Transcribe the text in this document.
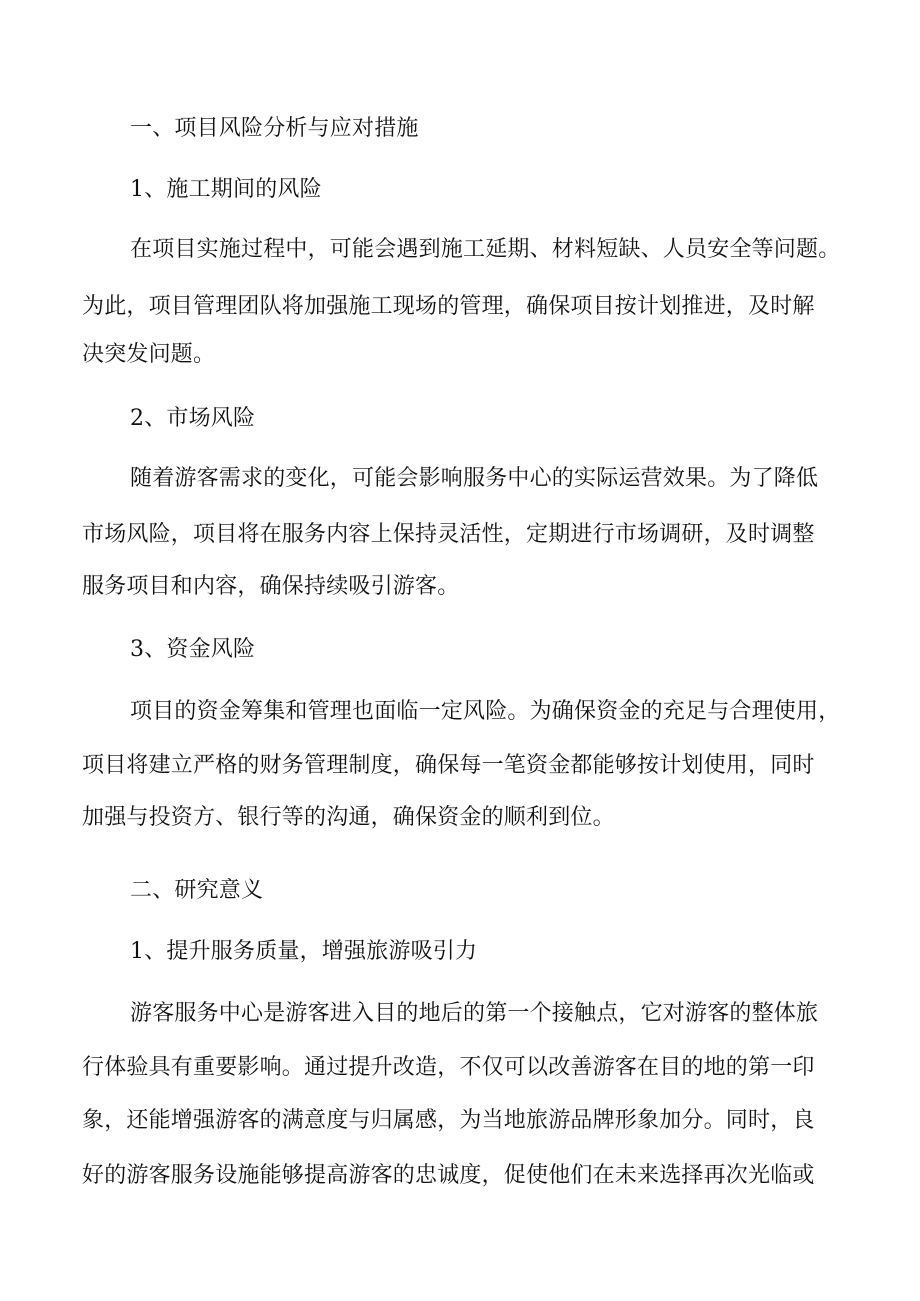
一、项目风险分析与应对措施
1、施工期间的风险
在项目实施过程中，可能会遇到施工延期、材料短缺、人员安全等问题。
为此，项目管理团队将加强施工现场的管理，确保项目按计划推进，及时解
决突发问题。
2、市场风险
随着游客需求的变化，可能会影响服务中心的实际运营效果。为了降低
市场风险，项目将在服务内容上保持灵活性，定期进行市场调研，及时调整
服务项目和内容，确保持续吸引游客。
3、资金风险
项目的资金筹集和管理也面临一定风险。为确保资金的充足与合理使用，
项目将建立严格的财务管理制度，确保每一笔资金都能够按计划使用，同时
加强与投资方、银行等的沟通，确保资金的顺利到位。
二、研究意义
1、提升服务质量，增强旅游吸引力
游客服务中心是游客进入目的地后的第一个接触点，它对游客的整体旅
行体验具有重要影响。通过提升改造，不仅可以改善游客在目的地的第一印
象，还能增强游客的满意度与归属感，为当地旅游品牌形象加分。同时，良
好的游客服务设施能够提高游客的忠诚度，促使他们在未来选择再次光临或
